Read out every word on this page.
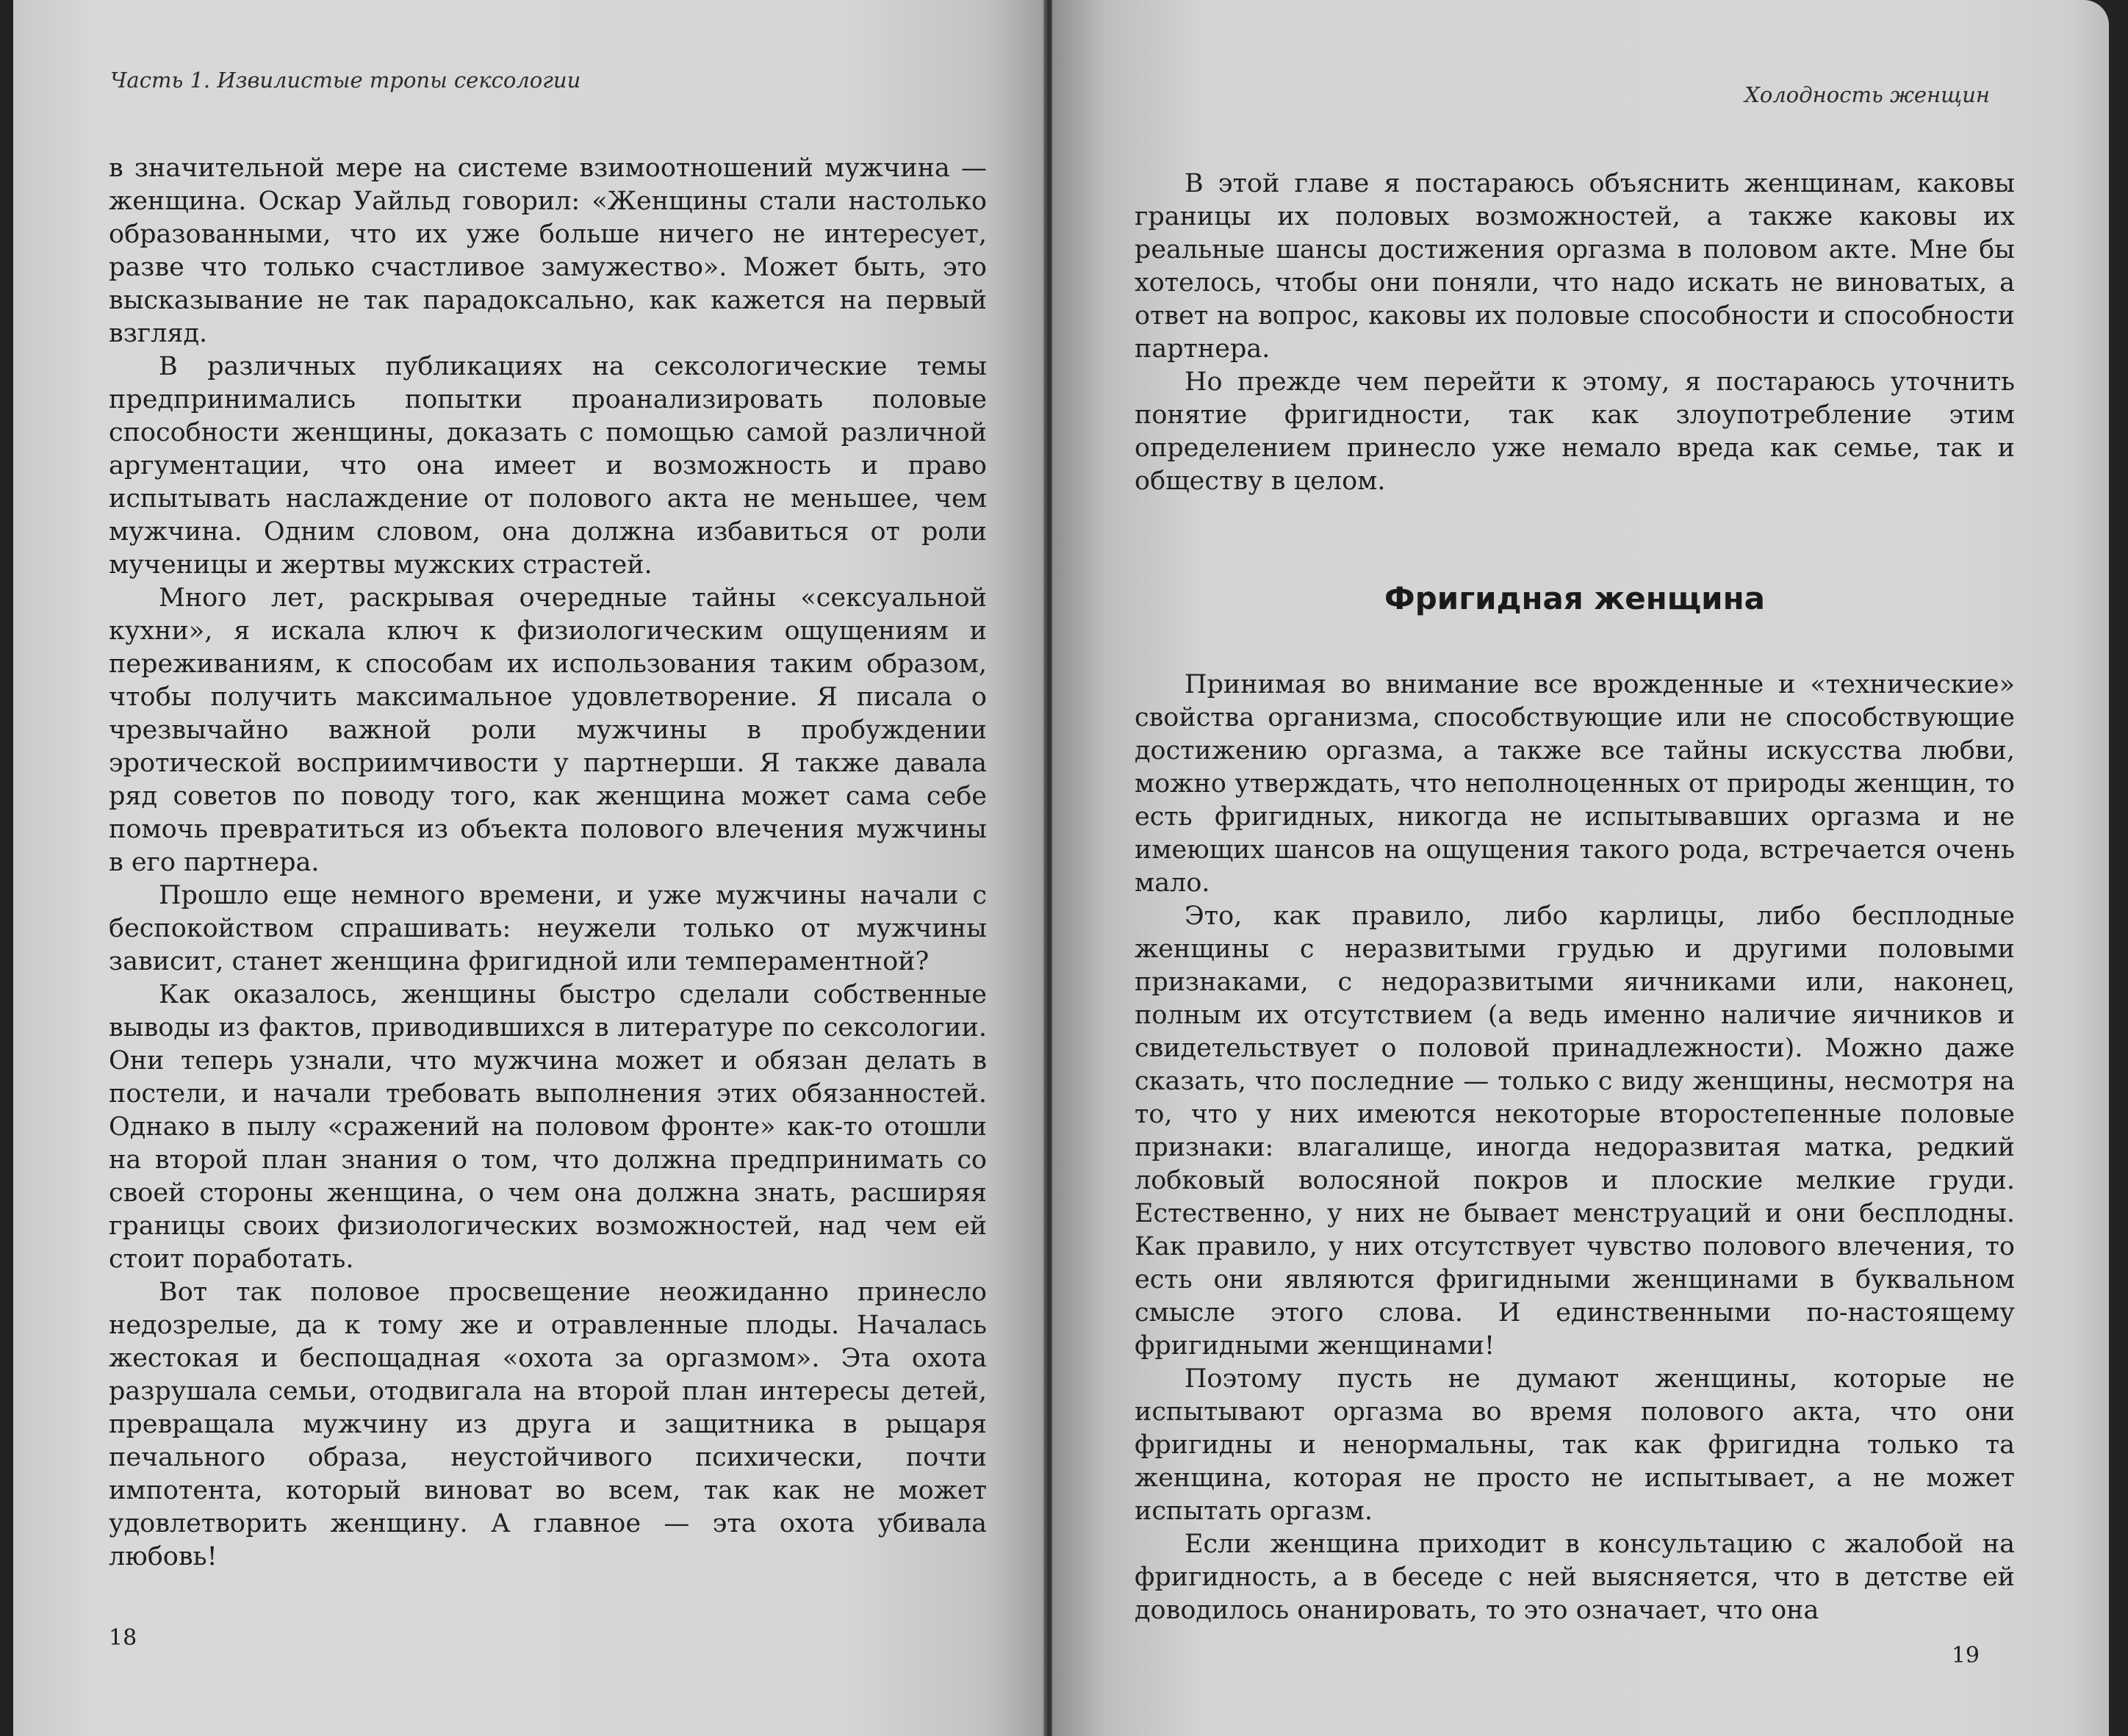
Часть 1. Извилистые тропы сексологии

в значительной мере на системе взимоотношений мужчина — женщина. Оскар Уайльд говорил: «Женщины стали настолько образованными, что их уже больше ничего не интересует, разве что только счастливое замужество». Может быть, это высказывание не так парадоксально, как кажется на первый взгляд.

В различных публикациях на сексологические темы предпринимались попытки проанализировать половые способности женщины, доказать с помощью самой различной аргументации, что она имеет и возможность и право испытывать наслаждение от полового акта не меньшее, чем мужчина. Одним словом, она должна избавиться от роли мученицы и жертвы мужских страстей.

Много лет, раскрывая очередные тайны «сексуальной кухни», я искала ключ к физиологическим ощущениям и переживаниям, к способам их использования таким образом, чтобы получить максимальное удовлетворение. Я писала о чрезвычайно важной роли мужчины в пробуждении эротической восприимчивости у партнерши. Я также давала ряд советов по поводу того, как женщина может сама себе помочь превратиться из объекта полового влечения мужчины в его партнера.

Прошло еще немного времени, и уже мужчины начали с беспокойством спрашивать: неужели только от мужчины зависит, станет женщина фригидной или темпераментной?

Как оказалось, женщины быстро сделали собственные выводы из фактов, приводившихся в литературе по сексологии. Они теперь узнали, что мужчина может и обязан делать в постели, и начали требовать выполнения этих обязанностей. Однако в пылу «сражений на половом фронте» как-то отошли на второй план знания о том, что должна предпринимать со своей стороны женщина, о чем она должна знать, расширяя границы своих физиологических возможностей, над чем ей стоит поработать.

Вот так половое просвещение неожиданно принесло недозрелые, да к тому же и отравленные плоды. Началась жестокая и беспощадная «охота за оргазмом». Эта охота разрушала семьи, отодвигала на второй план интересы детей, превращала мужчину из друга и защитника в рыцаря печального образа, неустойчивого психически, почти импотента, который виноват во всем, так как не может удовлетворить женщину. А главное — эта охота убивала любовь!

18
Холодность женщин

В этой главе я постараюсь объяснить женщинам, каковы границы их половых возможностей, а также каковы их реальные шансы достижения оргазма в половом акте. Мне бы хотелось, чтобы они поняли, что надо искать не виноватых, а ответ на вопрос, каковы их половые способности и способности партнера.

Но прежде чем перейти к этому, я постараюсь уточнить понятие фригидности, так как злоупотребление этим определением принесло уже немало вреда как семье, так и обществу в целом.

Фригидная женщина

Принимая во внимание все врожденные и «технические» свойства организма, способствующие или не способствующие достижению оргазма, а также все тайны искусства любви, можно утверждать, что неполноценных от природы женщин, то есть фригидных, никогда не испытывавших оргазма и не имеющих шансов на ощущения такого рода, встречается очень мало.

Это, как правило, либо карлицы, либо бесплодные женщины с неразвитыми грудью и другими половыми признаками, с недоразвитыми яичниками или, наконец, полным их отсутствием (а ведь именно наличие яичников и свидетельствует о половой принадлежности). Можно даже сказать, что последние — только с виду женщины, несмотря на то, что у них имеются некоторые второстепенные половые признаки: влагалище, иногда недоразвитая матка, редкий лобковый волосяной покров и плоские мелкие груди. Естественно, у них не бывает менструаций и они бесплодны. Как правило, у них отсутствует чувство полового влечения, то есть они являются фригидными женщинами в буквальном смысле этого слова. И единственными по-настоящему фригидными женщинами!

Поэтому пусть не думают женщины, которые не испытывают оргазма во время полового акта, что они фригидны и ненормальны, так как фригидна только та женщина, которая не просто не испытывает, а не может испытать оргазм.

Если женщина приходит в консультацию с жалобой на фригидность, а в беседе с ней выясняется, что в детстве ей доводилось онанировать, то это означает, что она

19
